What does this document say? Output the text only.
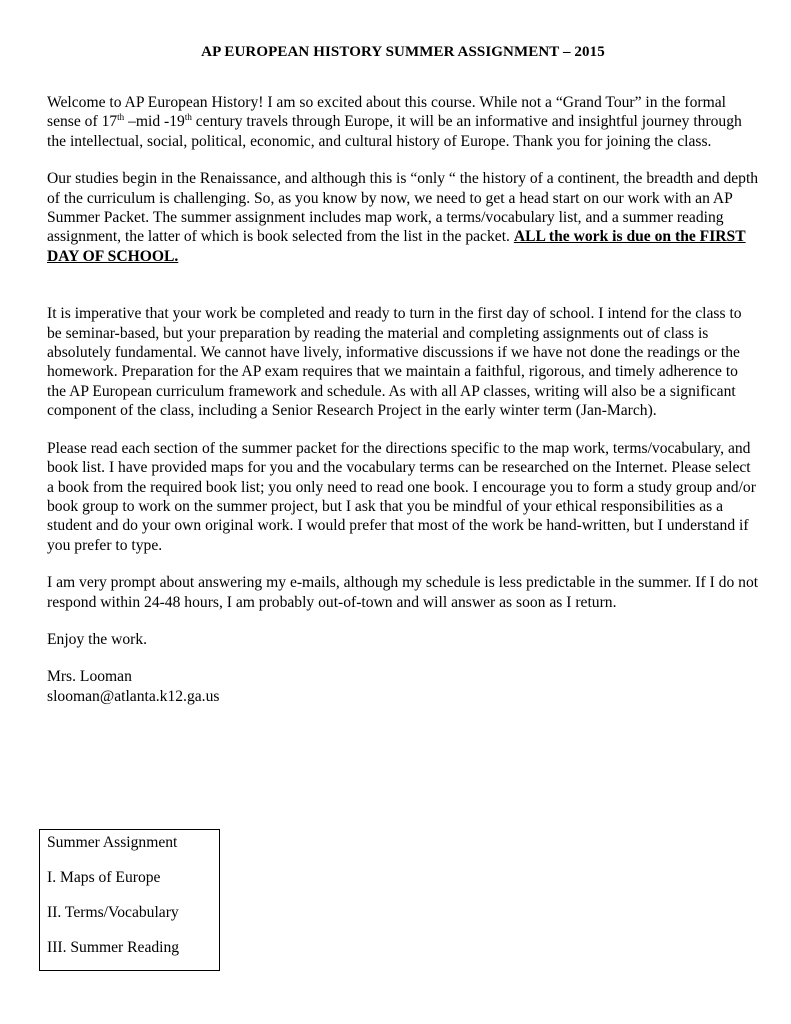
AP EUROPEAN HISTORY SUMMER ASSIGNMENT – 2015

Welcome to AP European History! I am so excited about this course. While not a “Grand Tour” in the formal sense of 17th –mid -19th century travels through Europe, it will be an informative and insightful journey through the intellectual, social, political, economic, and cultural history of Europe. Thank you for joining the class.

Our studies begin in the Renaissance, and although this is “only “ the history of a continent, the breadth and depth of the curriculum is challenging. So, as you know by now, we need to get a head start on our work with an AP Summer Packet. The summer assignment includes map work, a terms/vocabulary list, and a summer reading assignment, the latter of which is book selected from the list in the packet. ALL the work is due on the FIRST DAY OF SCHOOL.

It is imperative that your work be completed and ready to turn in the first day of school. I intend for the class to be seminar-based, but your preparation by reading the material and completing assignments out of class is absolutely fundamental. We cannot have lively, informative discussions if we have not done the readings or the homework. Preparation for the AP exam requires that we maintain a faithful, rigorous, and timely adherence to the AP European curriculum framework and schedule. As with all AP classes, writing will also be a significant component of the class, including a Senior Research Project in the early winter term (Jan-March).

Please read each section of the summer packet for the directions specific to the map work, terms/vocabulary, and book list. I have provided maps for you and the vocabulary terms can be researched on the Internet. Please select a book from the required book list; you only need to read one book. I encourage you to form a study group and/or book group to work on the summer project, but I ask that you be mindful of your ethical responsibilities as a student and do your own original work. I would prefer that most of the work be hand-written, but I understand if you prefer to type.

I am very prompt about answering my e-mails, although my schedule is less predictable in the summer. If I do not respond within 24-48 hours, I am probably out-of-town and will answer as soon as I return.

Enjoy the work.

Mrs. Looman

slooman@atlanta.k12.ga.us

Summer Assignment

I. Maps of Europe

II. Terms/Vocabulary

III. Summer Reading
